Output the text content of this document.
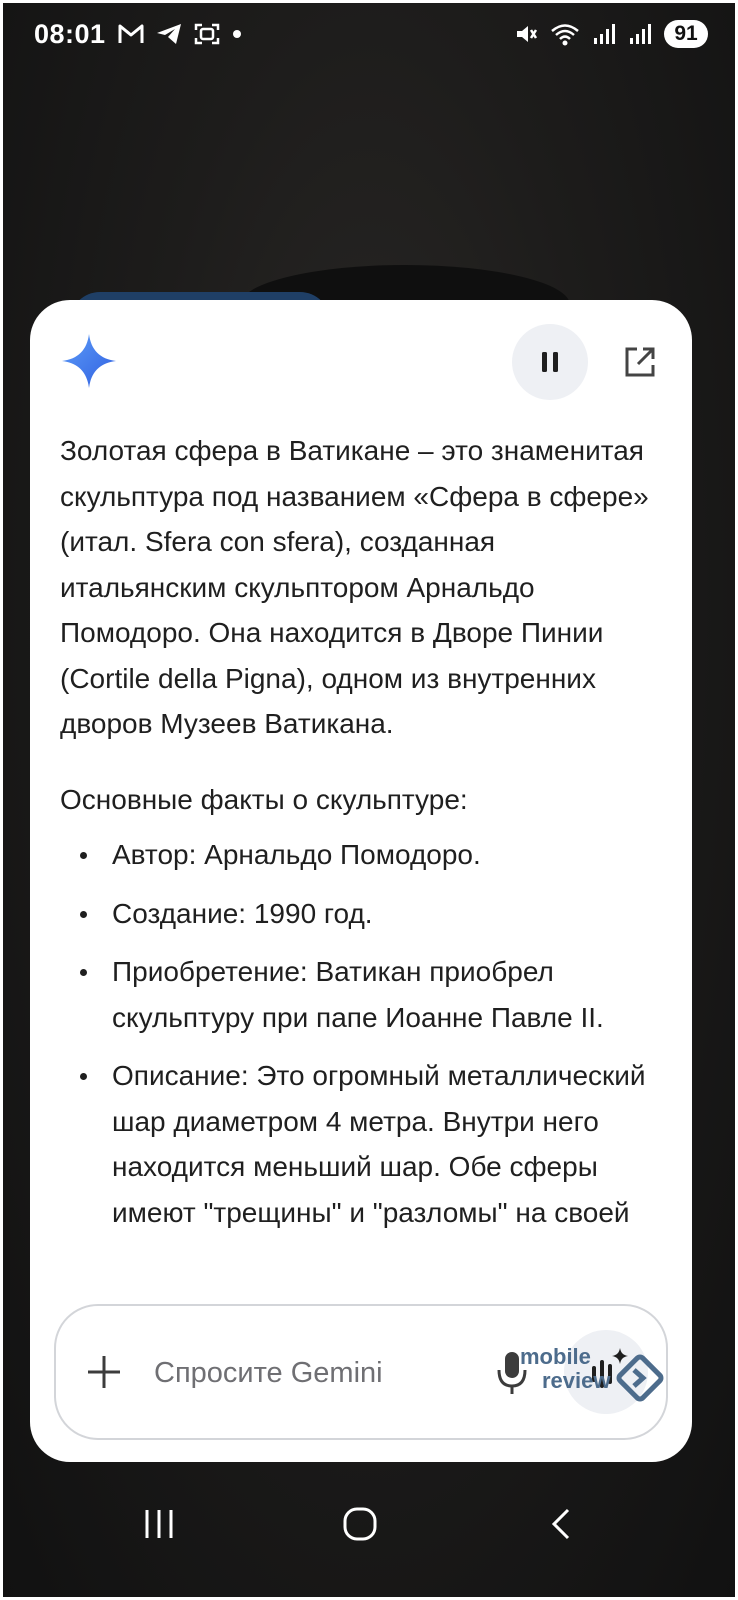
08:01	91

Золотая сфера в Ватикане – это знаменитая скульптура под названием «Сфера в сфере» (итал. Sfera con sfera), созданная итальянским скульптором Арнальдо Помодоро. Она находится в Дворе Пинии (Cortile della Pigna), одном из внутренних дворов Музеев Ватикана.

Основные факты о скульптуре:

Автор: Арнальдо Помодоро.
Создание: 1990 год.
Приобретение: Ватикан приобрел скульптуру при папе Иоанне Павле II.
Описание: Это огромный металлический шар диаметром 4 метра. Внутри него находится меньший шар. Обе сферы имеют "трещины" и "разломы" на своей
Спросите Gemini
mobile
review
